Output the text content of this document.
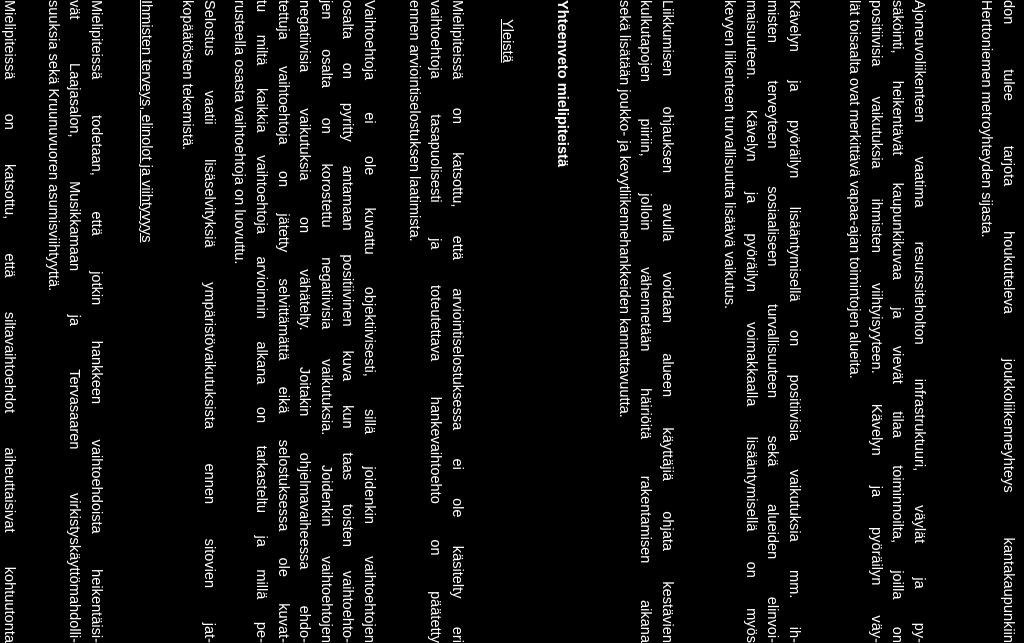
don tulee tarjota houkutteleva joukkoliikenneyhteys kantakaupunkiin
Herttoniemen metroyhteyden sijasta.
Ajoneuvoliikenteen vaatima resurssiteholton infrastruktuuri, väylät ja py-
säköinti, heikentävät kaupunkikuvaa ja vievät tilaa toiminnoilta, joilla on
positiivisia vaikutuksia ihmisten viihtyisyyteen. Kävelyn ja pyöräilyn väy-
lät toisaalta ovat merkittävä vapaa-ajan toimintojen alueita.
Kävelyn ja pyöräilyn lisääntymisellä on positiivisia vaikutuksia mm. ih-
misten terveyteen sosiaaliseen turvallisuuteen sekä alueiden elinvoi-
maisuuteen. Kävelyn ja pyöräilyn voimakkaalla lisääntymisellä on myös
kevyen liikenteen turvallisuutta lisäävä vaikutus.
Liikkumisen ohjauksen avulla voidaan alueen käyttäjiä ohjata kestävien
kulkutapojen piiriin, jolloin vähennetään häiriöitä rakentamisen aikana
sekä lisätään joukko- ja kevytliikennehankkeiden kannattavuutta.
Yhteenveto mielipiteistä
Yleistä
Mielipiteissä on katsottu, että arviointiselostuksessa ei ole käsitelty eri
vaihtoehtoja tasapuolisesti ja toteutettava hankevaihtoehto on päätetty
ennen arviointiselostuksen laatimista.
Vaihtoehtoja ei ole kuvattu objektiivisesti, sillä joidenkin vaihtoehtojen
osalta on pyritty antamaan positiivinen kuva kun taas toisten vaihtoehto-
jen osalta on korostettu negatiivisia vaikutuksia. Joidenkin vaihtoehtojen
negatiivisia vaikutuksia on vähätelty. Joitakin ohjelmavaiheessa ehdo-
tettuja vaihtoehtoja on jätetty selvittämättä eikä selostuksessa ole kuvat-
tu miltä kaikkia vaihtoehtoja arvioinnin alkana on tarkasteltu ja millä pe-
rusteella osasta vaihtoehtoja on luovuttu.
Selostus vaatii lisäselvityksiä ympäristövaikutuksista ennen sitovien jat-
kopäätösten tekemistä.
Ihmisten terveys, elinolot ja viihtyvyys
Mielipiteissä todetaan, että jotkin hankkeen vaihtoehdoista heikentäisi-
vät Laajasalon, Musikkamaan ja Tervasaaren virkistyskäyttömahdolli-
suuksia sekä Kruunuvuoren asumisviihtyyttä.
Mielipiteissä on katsottu, että siltavaihtoehdot aiheuttaisivat kohtuutonta
